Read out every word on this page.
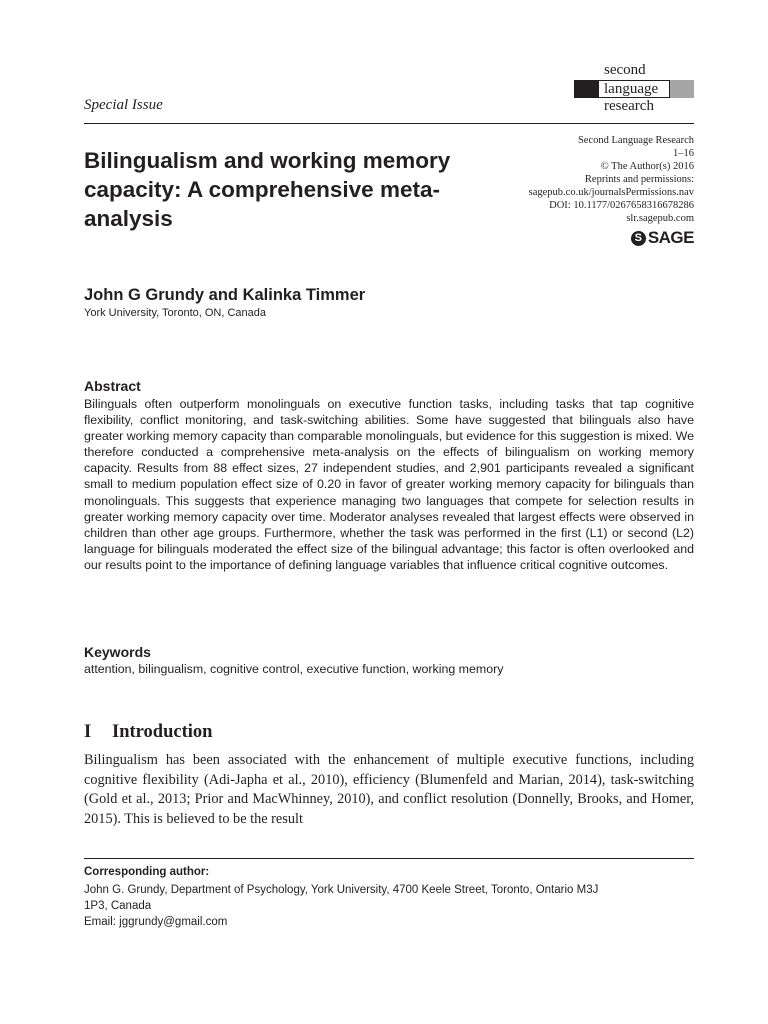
second
language
research
Special Issue
Bilingualism and working memory capacity: A comprehensive meta-analysis
Second Language Research
1–16
© The Author(s) 2016
Reprints and permissions:
sagepub.co.uk/journalsPermissions.nav
DOI: 10.1177/0267658316678286
slr.sagepub.com
S SAGE
John G Grundy and Kalinka Timmer
York University, Toronto, ON, Canada
Abstract
Bilinguals often outperform monolinguals on executive function tasks, including tasks that tap cognitive flexibility, conflict monitoring, and task-switching abilities. Some have suggested that bilinguals also have greater working memory capacity than comparable monolinguals, but evidence for this suggestion is mixed. We therefore conducted a comprehensive meta-analysis on the effects of bilingualism on working memory capacity. Results from 88 effect sizes, 27 independent studies, and 2,901 participants revealed a significant small to medium population effect size of 0.20 in favor of greater working memory capacity for bilinguals than monolinguals. This suggests that experience managing two languages that compete for selection results in greater working memory capacity over time. Moderator analyses revealed that largest effects were observed in children than other age groups. Furthermore, whether the task was performed in the first (L1) or second (L2) language for bilinguals moderated the effect size of the bilingual advantage; this factor is often overlooked and our results point to the importance of defining language variables that influence critical cognitive outcomes.
Keywords
attention, bilingualism, cognitive control, executive function, working memory
I Introduction
Bilingualism has been associated with the enhancement of multiple executive functions, including cognitive flexibility (Adi-Japha et al., 2010), efficiency (Blumenfeld and Marian, 2014), task-switching (Gold et al., 2013; Prior and MacWhinney, 2010), and conflict resolution (Donnelly, Brooks, and Homer, 2015). This is believed to be the result
Corresponding author:
John G. Grundy, Department of Psychology, York University, 4700 Keele Street, Toronto, Ontario M3J
1P3, Canada
Email: jggrundy@gmail.com
